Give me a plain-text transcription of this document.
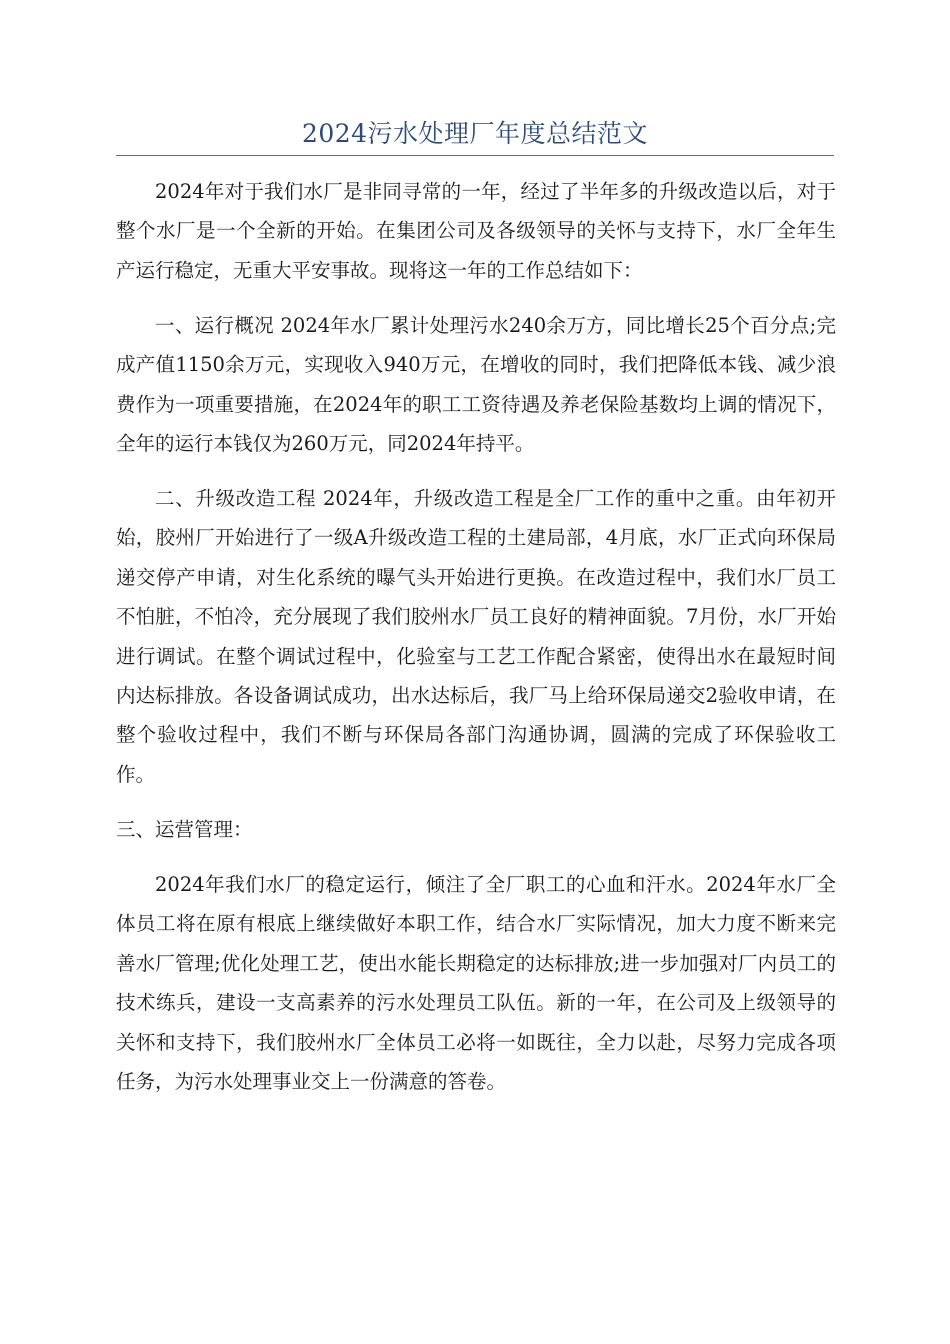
2024污水处理厂年度总结范文

2024年对于我们水厂是非同寻常的一年，经过了半年多的升级改造以后，对于整个水厂是一个全新的开始。在集团公司及各级领导的关怀与支持下，水厂全年生产运行稳定，无重大平安事故。现将这一年的工作总结如下：

一、运行概况 2024年水厂累计处理污水240余万方，同比增长25个百分点;完成产值1150余万元，实现收入940万元，在增收的同时，我们把降低本钱、减少浪费作为一项重要措施，在2024年的职工工资待遇及养老保险基数均上调的情况下，全年的运行本钱仅为260万元，同2024年持平。

二、升级改造工程 2024年，升级改造工程是全厂工作的重中之重。由年初开始，胶州厂开始进行了一级A升级改造工程的土建局部，4月底，水厂正式向环保局递交停产申请，对生化系统的曝气头开始进行更换。在改造过程中，我们水厂员工不怕脏，不怕冷，充分展现了我们胶州水厂员工良好的精神面貌。7月份，水厂开始进行调试。在整个调试过程中，化验室与工艺工作配合紧密，使得出水在最短时间内达标排放。各设备调试成功，出水达标后，我厂马上给环保局递交2验收申请，在整个验收过程中，我们不断与环保局各部门沟通协调，圆满的完成了环保验收工作。

三、运营管理：

2024年我们水厂的稳定运行，倾注了全厂职工的心血和汗水。2024年水厂全体员工将在原有根底上继续做好本职工作，结合水厂实际情况，加大力度不断来完善水厂管理;优化处理工艺，使出水能长期稳定的达标排放;进一步加强对厂内员工的技术练兵，建设一支高素养的污水处理员工队伍。新的一年，在公司及上级领导的关怀和支持下，我们胶州水厂全体员工必将一如既往，全力以赴，尽努力完成各项任务，为污水处理事业交上一份满意的答卷。
